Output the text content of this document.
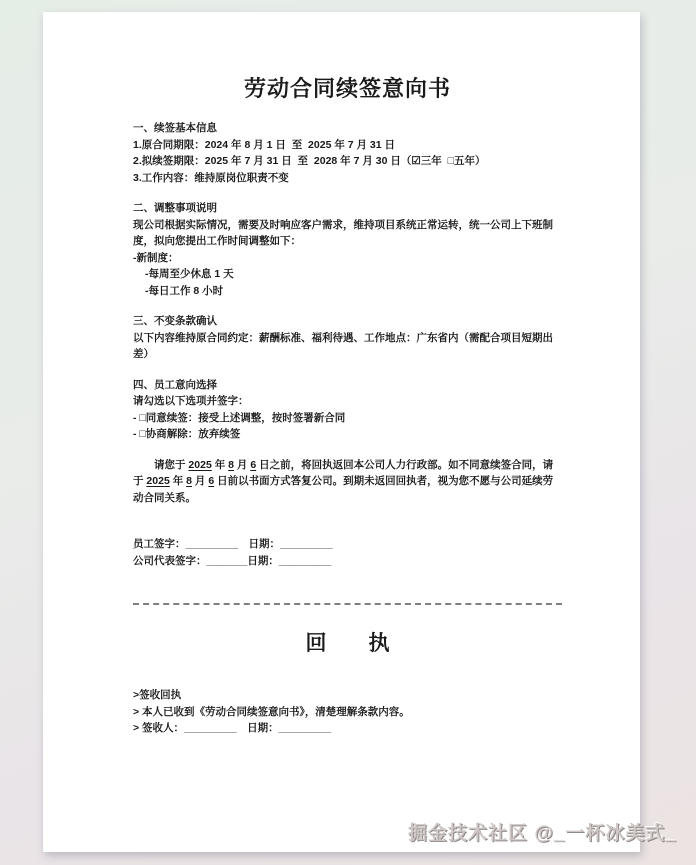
劳动合同续签意向书
一、续签基本信息
1.原合同期限：2024 年 8 月 1 日  至  2025 年 7 月 31 日
2.拟续签期限：2025 年 7 月 31 日  至  2028 年 7 月 30 日（☑三年  □五年）
3.工作内容：维持原岗位职责不变
二、调整事项说明
现公司根据实际情况，需要及时响应客户需求，维持项目系统正常运转，统一公司上下班制度，拟向您提出工作时间调整如下：
-新制度：
-每周至少休息 1 天
-每日工作 8 小时
三、不变条款确认
以下内容维持原合同约定：薪酬标准、福利待遇、工作地点：广东省内（需配合项目短期出差）
四、员工意向选择
请勾选以下选项并签字：
- □同意续签：接受上述调整，按时签署新合同
- □协商解除：放弃续签

请您于 2025 年 8 月 6 日之前，将回执返回本公司人力行政部。如不同意续签合同，请于 2025 年 8 月 6 日前以书面方式答复公司。到期未返回回执者，视为您不愿与公司延续劳动合同关系。

员工签字：_________　日期：_________
公司代表签字：_______日期：_________
回　　执
>签收回执
> 本人已收到《劳动合同续签意向书》，清楚理解条款内容。
> 签收人：_________　日期：_________
掘金技术社区 @_一杯冰美式_
